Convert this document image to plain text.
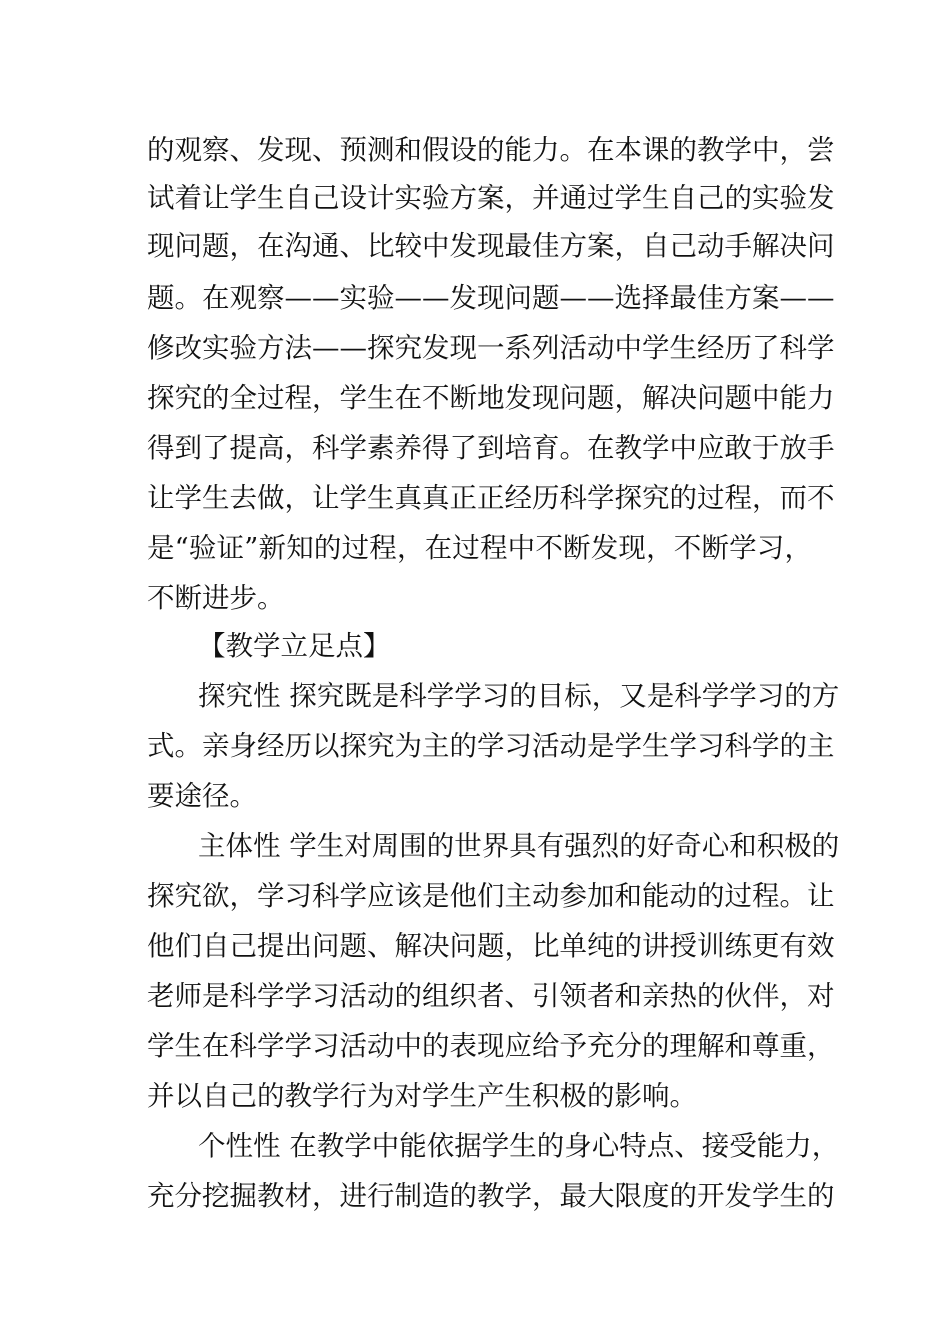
的观察、发现、预测和假设的能力。在本课的教学中，尝
试着让学生自己设计实验方案，并通过学生自己的实验发
现问题，在沟通、比较中发现最佳方案，自己动手解决问
题。在观察——实验——发现问题——选择最佳方案——
修改实验方法——探究发现一系列活动中学生经历了科学
探究的全过程，学生在不断地发现问题，解决问题中能力
得到了提高，科学素养得了到培育。在教学中应敢于放手
让学生去做，让学生真真正正经历科学探究的过程，而不
是“验证”新知的过程，在过程中不断发现，不断学习，
不断进步。
【教学立足点】
探究性 探究既是科学学习的目标，又是科学学习的方
式。亲身经历以探究为主的学习活动是学生学习科学的主
要途径。
主体性 学生对周围的世界具有强烈的好奇心和积极的
探究欲，学习科学应该是他们主动参加和能动的过程。让
他们自己提出问题、解决问题，比单纯的讲授训练更有效
老师是科学学习活动的组织者、引领者和亲热的伙伴，对
学生在科学学习活动中的表现应给予充分的理解和尊重，
并以自己的教学行为对学生产生积极的影响。
个性性 在教学中能依据学生的身心特点、接受能力，
充分挖掘教材，进行制造的教学，最大限度的开发学生的
